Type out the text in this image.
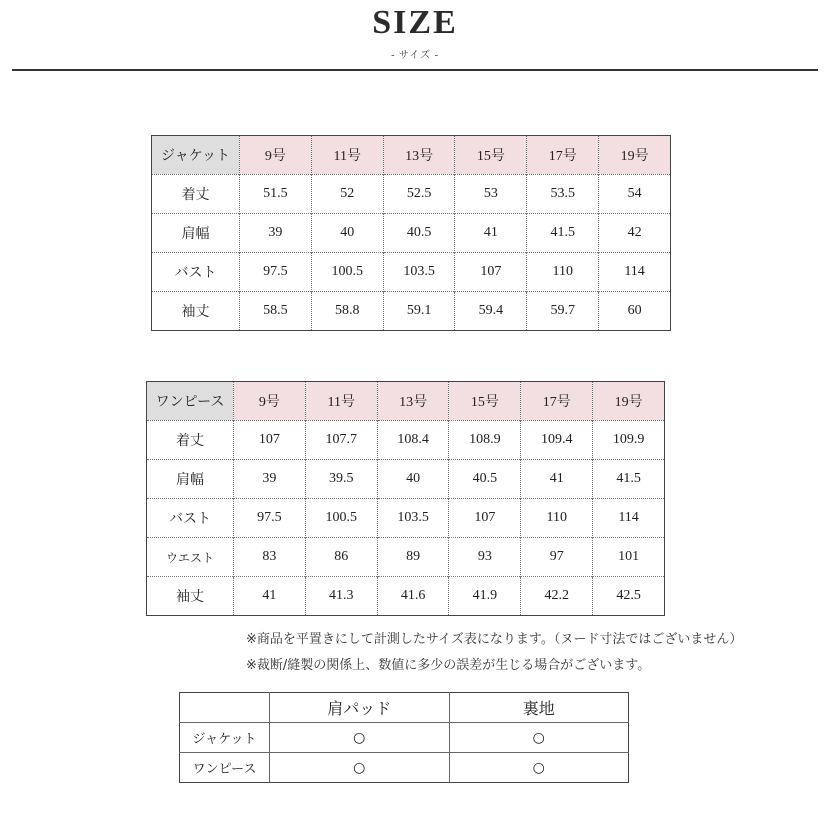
SIZE
- サイズ -
ジャケット	9号	11号	13号	15号	17号	19号
着丈	51.5	52	52.5	53	53.5	54
肩幅	39	40	40.5	41	41.5	42
バスト	97.5	100.5	103.5	107	110	114
袖丈	58.5	58.8	59.1	59.4	59.7	60
ワンピース	9号	11号	13号	15号	17号	19号
着丈	107	107.7	108.4	108.9	109.4	109.9
肩幅	39	39.5	40	40.5	41	41.5
バスト	97.5	100.5	103.5	107	110	114
ウエスト	83	86	89	93	97	101
袖丈	41	41.3	41.6	41.9	42.2	42.5
※商品を平置きにして計測したサイズ表になります。（ヌード寸法ではございません）
※裁断/縫製の関係上、数値に多少の誤差が生じる場合がございます。
	肩パッド	裏地
ジャケット	○	○
ワンピース	○	○
